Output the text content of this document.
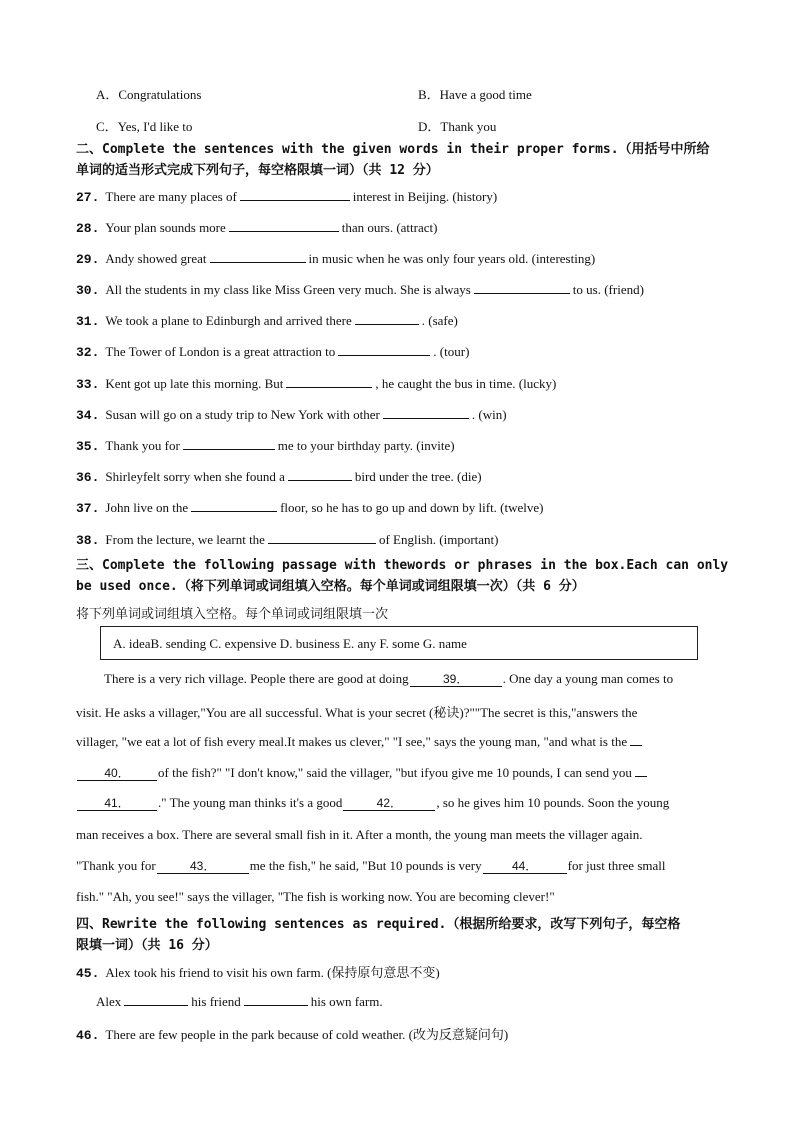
A．Congratulations	B．Have a good time
C．Yes, I'd like to	D．Thank you
二、Complete the sentences with the given words in their proper forms.（用括号中所给
单词的适当形式完成下列句子，每空格限填一词）（共 12 分）
27. There are many places of	interest in Beijing. (history)
28. Your plan sounds more	than ours. (attract)
29. Andy showed great	in music when he was only four years old. (interesting)
30. All the students in my class like Miss Green very much. She is always	to us. (friend)
31. We took a plane to Edinburgh and arrived there	. (safe)
32. The Tower of London is a great attraction to	. (tour)
33. Kent got up late this morning. But	, he caught the bus in time. (lucky)
34. Susan will go on a study trip to New York with other	. (win)
35. Thank you for	me to your birthday party. (invite)
36. Shirleyfelt sorry when she found a	bird under the tree. (die)
37. John live on the	floor, so he has to go up and down by lift. (twelve)
38. From the lecture, we learnt the	of English. (important)
三、Complete the following passage with thewords or phrases in the box.Each can only
be used once.（将下列单词或词组填入空格。每个单词或词组限填一次）（共 6 分）
将下列单词或词组填入空格。每个单词或词组限填一次
A. ideaB. sending C. expensive D. business E. any F. some G. name
There is a very rich village. People there are good at doing	39．	. One day a young man comes to
visit. He asks a villager,"You are all successful. What is your secret (秘诀)?""The secret is this,"answers the
villager, "we eat a lot of fish every meal.It makes us clever," "I see," says the young man, "and what is the
40． of the fish?" "I don't know," said the villager, "but ifyou give me 10 pounds, I can send you
41． ." The young man thinks it's a good	42．	, so he gives him 10 pounds. Soon the young
man receives a box. There are several small fish in it. After a month, the young man meets the villager again.
"Thank you for	43．	me the fish," he said, "But 10 pounds is very	44． for just three small
fish." "Ah, you see!" says the villager, "The fish is working now. You are becoming clever!"
四、Rewrite the following sentences as required.（根据所给要求，改写下列句子，每空格
限填一词）（共 16 分）
45. Alex took his friend to visit his own farm. (保持原句意思不变)
Alex	his friend	his own farm.
46. There are few people in the park because of cold weather. (改为反意疑问句)
